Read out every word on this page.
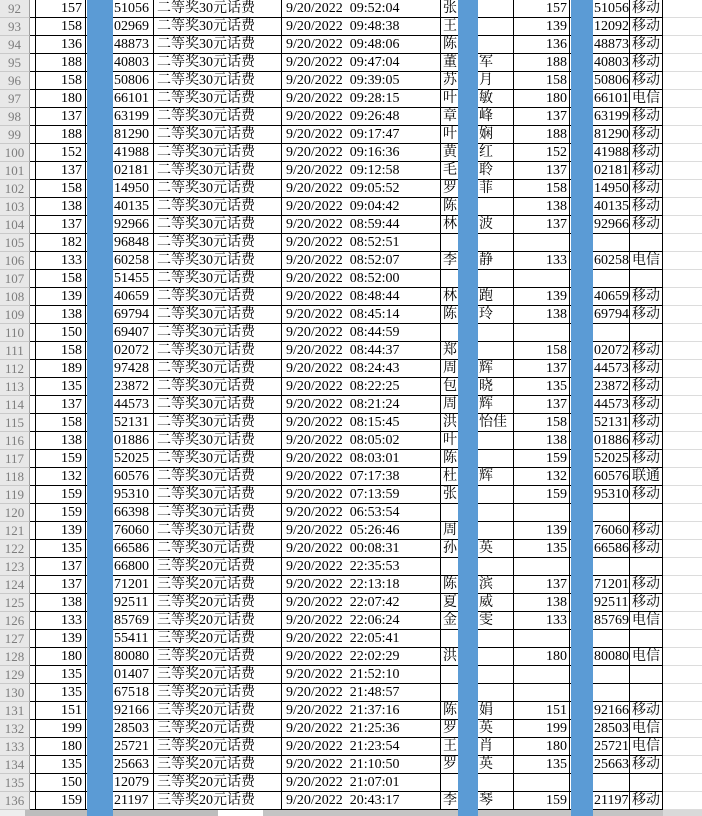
92	157	51056 二等奖30元话费	9/20/2022  09:52:04	张	157	51056 移动
93	158	02969 二等奖30元话费	9/20/2022  09:48:38	王	139	12092 移动
94	136	48873 二等奖30元话费	9/20/2022  09:48:06	陈	136	48873 移动
95	188	40803 二等奖30元话费	9/20/2022  09:47:04	董 军	188	40803 移动
96	158	50806 二等奖30元话费	9/20/2022  09:39:05	苏 月	158	50806 移动
97	180	66101 二等奖30元话费	9/20/2022  09:28:15	叶 敏	180	66101 电信
98	137	63199 二等奖30元话费	9/20/2022  09:26:48	章 峰	137	63199 移动
99	188	81290 二等奖30元话费	9/20/2022  09:17:47	叶 娴	188	81290 移动
100	152	41988 二等奖30元话费	9/20/2022  09:16:36	黄 红	152	41988 移动
101	137	02181 二等奖30元话费	9/20/2022  09:12:58	毛 聆	137	02181 移动
102	158	14950 二等奖30元话费	9/20/2022  09:05:52	罗 菲	158	14950 移动
103	138	40135 二等奖30元话费	9/20/2022  09:04:42	陈	138	40135 移动
104	137	92966 二等奖30元话费	9/20/2022  08:59:44	林 波	137	92966 移动
105	182	96848 二等奖30元话费	9/20/2022  08:52:51
106	133	60258 二等奖30元话费	9/20/2022  08:52:07	李 静	133	60258 电信
107	158	51455 二等奖30元话费	9/20/2022  08:52:00
108	139	40659 二等奖30元话费	9/20/2022  08:48:44	林 跑	139	40659 移动
109	138	69794 二等奖30元话费	9/20/2022  08:45:14	陈 玲	138	69794 移动
110	150	69407 二等奖30元话费	9/20/2022  08:44:59
111	158	02072 二等奖30元话费	9/20/2022  08:44:37	郑	158	02072 移动
112	189	97428 二等奖30元话费	9/20/2022  08:24:43	周 辉	137	44573 移动
113	135	23872 二等奖30元话费	9/20/2022  08:22:25	包 晓	135	23872 移动
114	137	44573 二等奖30元话费	9/20/2022  08:21:24	周 辉	137	44573 移动
115	158	52131 二等奖30元话费	9/20/2022  08:15:45	洪 怡佳	158	52131 移动
116	138	01886 二等奖30元话费	9/20/2022  08:05:02	叶	138	01886 移动
117	159	52025 二等奖30元话费	9/20/2022  08:03:01	陈	159	52025 移动
118	132	60576 二等奖30元话费	9/20/2022  07:17:38	杜 辉	132	60576 联通
119	159	95310 二等奖30元话费	9/20/2022  07:13:59	张	159	95310 移动
120	159	66398 二等奖30元话费	9/20/2022  06:53:54
121	139	76060 二等奖30元话费	9/20/2022  05:26:46	周	139	76060 移动
122	135	66586 二等奖30元话费	9/20/2022  00:08:31	孙 英	135	66586 移动
123	137	66800 三等奖20元话费	9/20/2022  22:35:53
124	137	71201 三等奖20元话费	9/20/2022  22:13:18	陈 滨	137	71201 移动
125	138	92511 三等奖20元话费	9/20/2022  22:07:42	夏 威	138	92511 移动
126	133	85769 三等奖20元话费	9/20/2022  22:06:24	金 雯	133	85769 电信
127	139	55411 三等奖20元话费	9/20/2022  22:05:41
128	180	80080 三等奖20元话费	9/20/2022  22:02:29	洪	180	80080 电信
129	135	01407 三等奖20元话费	9/20/2022  21:52:10
130	135	67518 三等奖20元话费	9/20/2022  21:48:57
131	151	92166 三等奖20元话费	9/20/2022  21:37:16	陈 娟	151	92166 移动
132	199	28503 三等奖20元话费	9/20/2022  21:25:36	罗 英	199	28503 电信
133	180	25721 三等奖20元话费	9/20/2022  21:23:54	王 肖	180	25721 电信
134	135	25663 三等奖20元话费	9/20/2022  21:10:50	罗 英	135	25663 移动
135	150	12079 三等奖20元话费	9/20/2022  21:07:01
136	159	21197 三等奖20元话费	9/20/2022  20:43:17	李 琴	159	21197 移动
